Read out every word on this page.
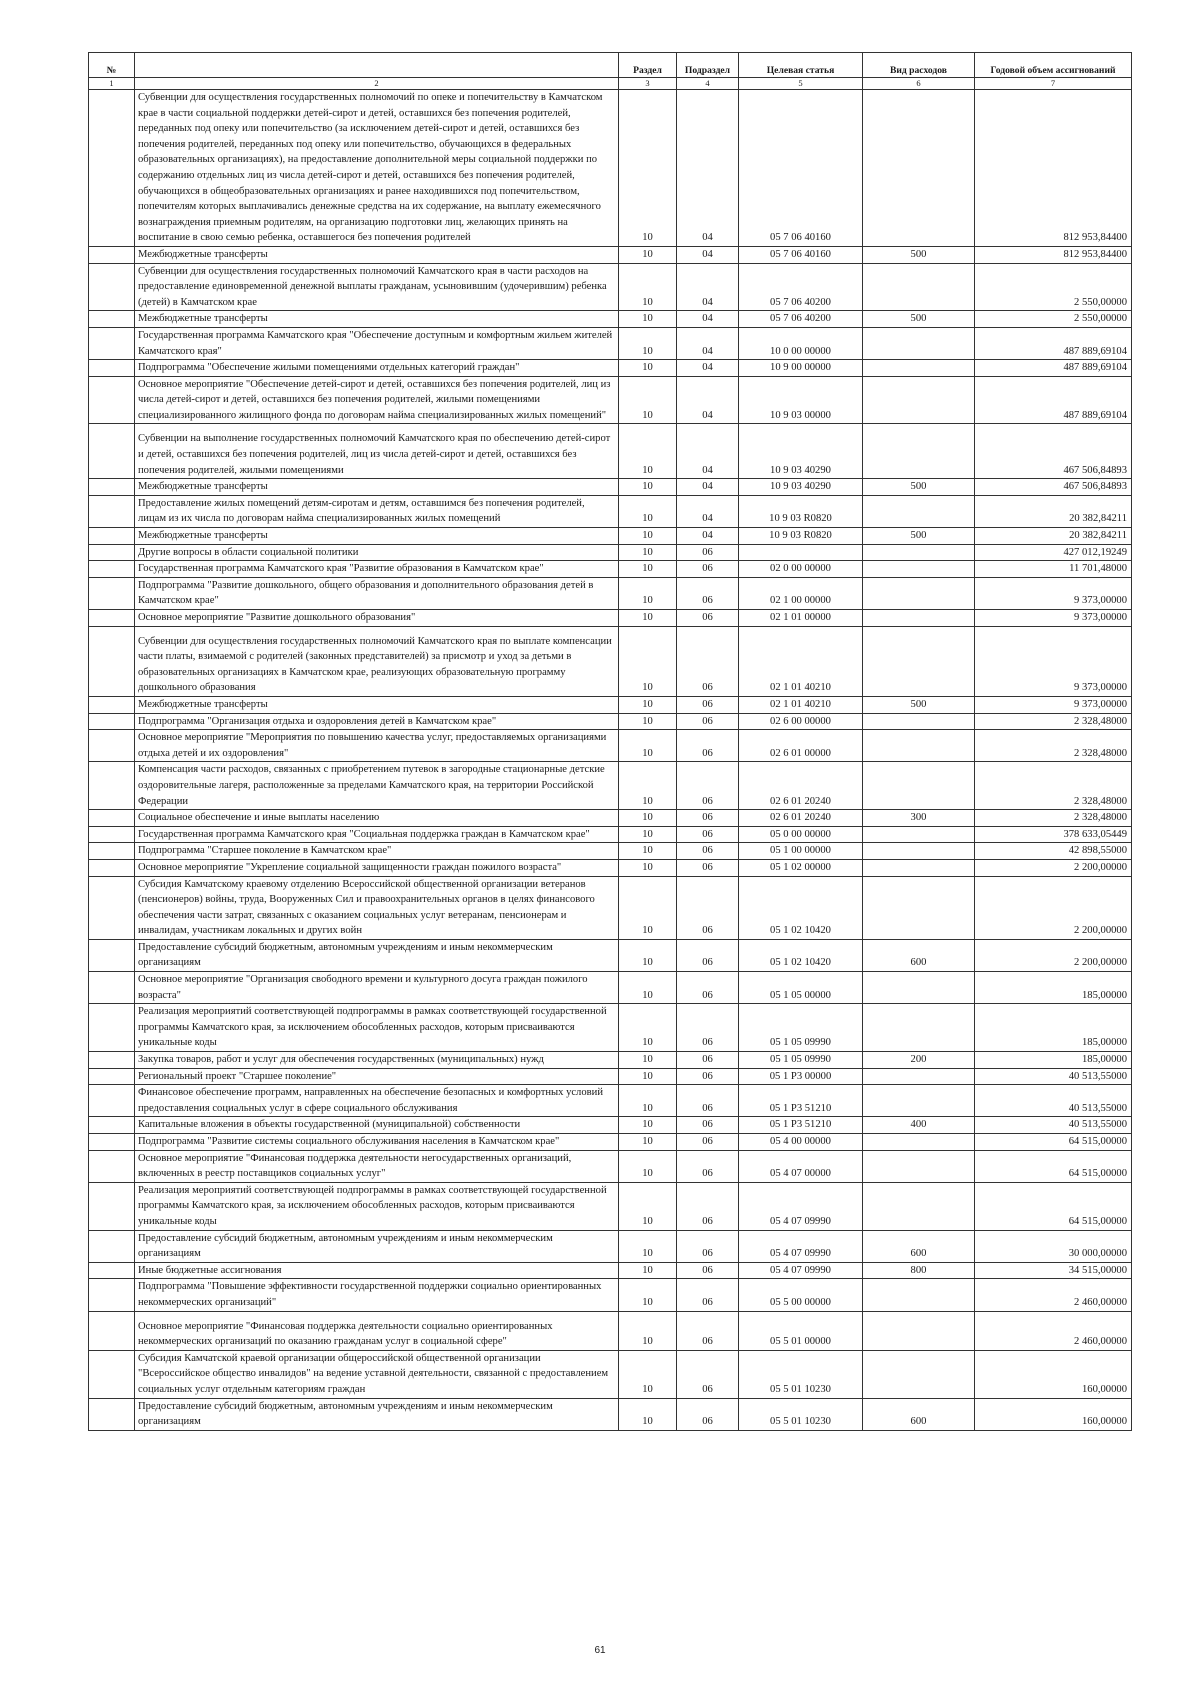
№		Раздел	Подраздел	Целевая статья	Вид расходов	Годовой объем ассигнований
1	2	3	4	5	6	7
	Субвенции для осуществления государственных полномочий по опеке и попечительству в Камчатском крае в части социальной поддержки детей-сирот и детей, оставшихся без попечения родителей, переданных под опеку или попечительство (за исключением детей-сирот и детей, оставшихся без попечения родителей, переданных под опеку или попечительство, обучающихся в федеральных образовательных организациях), на предоставление дополнительной меры социальной поддержки по содержанию отдельных лиц из числа детей-сирот и детей, оставшихся без попечения родителей, обучающихся в общеобразовательных организациях и ранее находившихся под попечительством, попечителям которых выплачивались денежные средства на их содержание, на выплату ежемесячного вознаграждения приемным родителям, на организацию подготовки лиц, желающих принять на воспитание в свою семью ребенка, оставшегося без попечения родителей	10	04	05 7 06 40160		812 953,84400
	Межбюджетные трансферты	10	04	05 7 06 40160	500	812 953,84400
	Субвенции для осуществления государственных полномочий Камчатского края в части расходов на предоставление единовременной денежной выплаты гражданам, усыновившим (удочерившим) ребенка (детей) в Камчатском крае	10	04	05 7 06 40200		2 550,00000
	Межбюджетные трансферты	10	04	05 7 06 40200	500	2 550,00000
	Государственная программа Камчатского края "Обеспечение доступным и комфортным жильем жителей Камчатского края"	10	04	10 0 00 00000		487 889,69104
	Подпрограмма "Обеспечение жилыми помещениями отдельных категорий граждан"	10	04	10 9 00 00000		487 889,69104
	Основное мероприятие "Обеспечение детей-сирот и детей, оставшихся без попечения родителей, лиц из числа детей-сирот и детей, оставшихся без попечения родителей, жилыми помещениями специализированного жилищного фонда по договорам найма специализированных жилых помещений"	10	04	10 9 03 00000		487 889,69104
	Субвенции на выполнение государственных полномочий Камчатского края по обеспечению детей-сирот и детей, оставшихся без попечения родителей, лиц из числа детей-сирот и детей, оставшихся без попечения родителей, жилыми помещениями	10	04	10 9 03 40290		467 506,84893
	Межбюджетные трансферты	10	04	10 9 03 40290	500	467 506,84893
	Предоставление жилых помещений детям-сиротам и детям, оставшимся без попечения родителей, лицам из их числа по договорам найма специализированных жилых помещений	10	04	10 9 03 R0820		20 382,84211
	Межбюджетные трансферты	10	04	10 9 03 R0820	500	20 382,84211
	Другие вопросы в области социальной политики	10	06			427 012,19249
	Государственная программа Камчатского края "Развитие образования в Камчатском крае"	10	06	02 0 00 00000		11 701,48000
	Подпрограмма "Развитие дошкольного, общего образования и дополнительного образования детей в Камчатском крае"	10	06	02 1 00 00000		9 373,00000
	Основное мероприятие "Развитие дошкольного образования"	10	06	02 1 01 00000		9 373,00000
	Субвенции для осуществления государственных полномочий Камчатского края по выплате компенсации части платы, взимаемой с родителей (законных представителей) за присмотр и уход за детьми в образовательных организациях в Камчатском крае, реализующих образовательную программу дошкольного образования	10	06	02 1 01 40210		9 373,00000
	Межбюджетные трансферты	10	06	02 1 01 40210	500	9 373,00000
	Подпрограмма "Организация отдыха и оздоровления детей в Камчатском крае"	10	06	02 6 00 00000		2 328,48000
	Основное мероприятие "Мероприятия по повышению качества услуг, предоставляемых организациями отдыха детей и их оздоровления"	10	06	02 6 01 00000		2 328,48000
	Компенсация части расходов, связанных с приобретением путевок в загородные стационарные детские оздоровительные лагеря, расположенные за пределами Камчатского края, на территории Российской Федерации	10	06	02 6 01 20240		2 328,48000
	Социальное обеспечение и иные выплаты населению	10	06	02 6 01 20240	300	2 328,48000
	Государственная программа Камчатского края "Социальная поддержка граждан в Камчатском крае"	10	06	05 0 00 00000		378 633,05449
	Подпрограмма "Старшее поколение в Камчатском крае"	10	06	05 1 00 00000		42 898,55000
	Основное мероприятие "Укрепление социальной защищенности граждан пожилого возраста"	10	06	05 1 02 00000		2 200,00000
	Субсидия Камчатскому краевому отделению Всероссийской общественной организации ветеранов (пенсионеров) войны, труда, Вооруженных Сил и правоохранительных органов в целях финансового обеспечения части затрат, связанных с оказанием социальных услуг ветеранам, пенсионерам и инвалидам, участникам локальных и других войн	10	06	05 1 02 10420		2 200,00000
	Предоставление субсидий бюджетным, автономным учреждениям и иным некоммерческим организациям	10	06	05 1 02 10420	600	2 200,00000
	Основное мероприятие "Организация свободного времени и культурного досуга граждан пожилого возраста"	10	06	05 1 05 00000		185,00000
	Реализация мероприятий соответствующей подпрограммы в рамках соответствующей государственной программы Камчатского края, за исключением обособленных расходов, которым присваиваются уникальные коды	10	06	05 1 05 09990		185,00000
	Закупка товаров, работ и услуг для обеспечения государственных (муниципальных) нужд	10	06	05 1 05 09990	200	185,00000
	Региональный проект "Старшее поколение"	10	06	05 1 P3 00000		40 513,55000
	Финансовое обеспечение программ, направленных на обеспечение безопасных и комфортных условий предоставления социальных услуг в сфере социального обслуживания	10	06	05 1 P3 51210		40 513,55000
	Капитальные вложения в объекты государственной (муниципальной) собственности	10	06	05 1 P3 51210	400	40 513,55000
	Подпрограмма "Развитие системы социального обслуживания населения в Камчатском крае"	10	06	05 4 00 00000		64 515,00000
	Основное мероприятие "Финансовая поддержка деятельности негосударственных организаций, включенных в реестр поставщиков социальных услуг"	10	06	05 4 07 00000		64 515,00000
	Реализация мероприятий соответствующей подпрограммы в рамках соответствующей государственной программы Камчатского края, за исключением обособленных расходов, которым присваиваются уникальные коды	10	06	05 4 07 09990		64 515,00000
	Предоставление субсидий бюджетным, автономным учреждениям и иным некоммерческим организациям	10	06	05 4 07 09990	600	30 000,00000
	Иные бюджетные ассигнования	10	06	05 4 07 09990	800	34 515,00000
	Подпрограмма "Повышение эффективности государственной поддержки социально ориентированных некоммерческих организаций"	10	06	05 5 00 00000		2 460,00000
	Основное мероприятие "Финансовая поддержка деятельности социально ориентированных некоммерческих организаций по оказанию гражданам услуг в социальной сфере"	10	06	05 5 01 00000		2 460,00000
	Субсидия Камчатской краевой организации общероссийской общественной организации "Всероссийское общество инвалидов" на ведение уставной деятельности, связанной с предоставлением социальных услуг отдельным категориям граждан	10	06	05 5 01 10230		160,00000
	Предоставление субсидий бюджетным, автономным учреждениям и иным некоммерческим организациям	10	06	05 5 01 10230	600	160,00000
61
